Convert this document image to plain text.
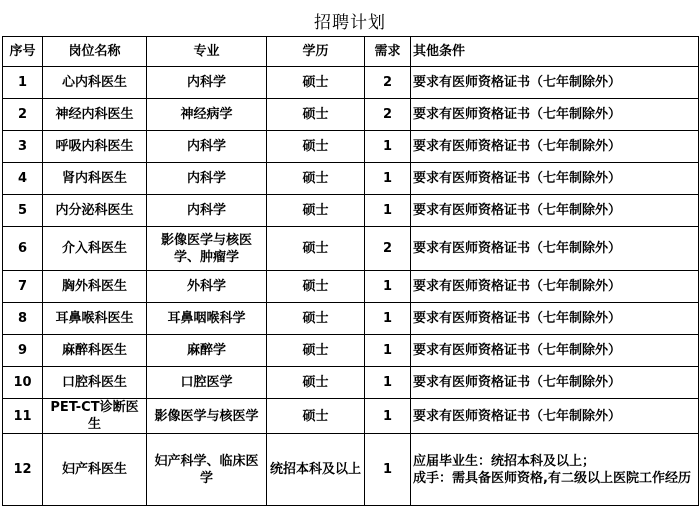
招聘计划
序号	岗位名称	专业	学历	需求	其他条件
1	心内科医生	内科学	硕士	2	要求有医师资格证书（七年制除外）
2	神经内科医生	神经病学	硕士	2	要求有医师资格证书（七年制除外）
3	呼吸内科医生	内科学	硕士	1	要求有医师资格证书（七年制除外）
4	肾内科医生	内科学	硕士	1	要求有医师资格证书（七年制除外）
5	内分泌科医生	内科学	硕士	1	要求有医师资格证书（七年制除外）
6	介入科医生	影像医学与核医学、肿瘤学	硕士	2	要求有医师资格证书（七年制除外）
7	胸外科医生	外科学	硕士	1	要求有医师资格证书（七年制除外）
8	耳鼻喉科医生	耳鼻咽喉科学	硕士	1	要求有医师资格证书（七年制除外）
9	麻醉科医生	麻醉学	硕士	1	要求有医师资格证书（七年制除外）
10	口腔科医生	口腔医学	硕士	1	要求有医师资格证书（七年制除外）
11	PET-CT诊断医生	影像医学与核医学	硕士	1	要求有医师资格证书（七年制除外）
12	妇产科医生	妇产科学、临床医学	统招本科及以上	1	应届毕业生：统招本科及以上；
成手：需具备医师资格,有二级以上医院工作经历
